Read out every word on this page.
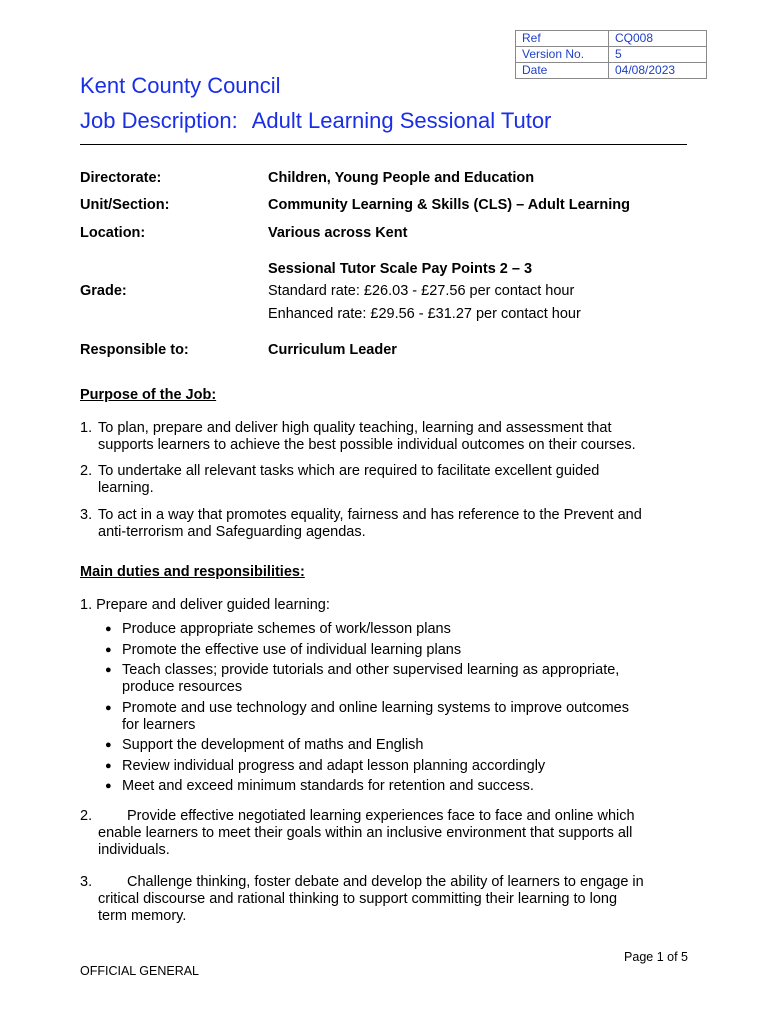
Ref	CQ008
Version No.	5
Date	04/08/2023
Kent County Council
Job Description: Adult Learning Sessional Tutor
Directorate:	Children, Young People and Education
Unit/Section:	Community Learning & Skills (CLS) – Adult Learning
Location:	Various across Kent
Sessional Tutor Scale Pay Points 2 – 3
Grade:	Standard rate: £26.03 - £27.56 per contact hour
Enhanced rate: £29.56 - £31.27 per contact hour
Responsible to:	Curriculum Leader
Purpose of the Job:
1. To plan, prepare and deliver high quality teaching, learning and assessment that
supports learners to achieve the best possible individual outcomes on their courses.
2. To undertake all relevant tasks which are required to facilitate excellent guided
learning.
3. To act in a way that promotes equality, fairness and has reference to the Prevent and
anti-terrorism and Safeguarding agendas.
Main duties and responsibilities:
1. Prepare and deliver guided learning:
● Produce appropriate schemes of work/lesson plans
● Promote the effective use of individual learning plans
● Teach classes; provide tutorials and other supervised learning as appropriate,
produce resources
● Promote and use technology and online learning systems to improve outcomes
for learners
● Support the development of maths and English
● Review individual progress and adapt lesson planning accordingly
● Meet and exceed minimum standards for retention and success.
2.	Provide effective negotiated learning experiences face to face and online which
enable learners to meet their goals within an inclusive environment that supports all
individuals.
3.	Challenge thinking, foster debate and develop the ability of learners to engage in
critical discourse and rational thinking to support committing their learning to long
term memory.
Page 1 of 5
OFFICIAL GENERAL
